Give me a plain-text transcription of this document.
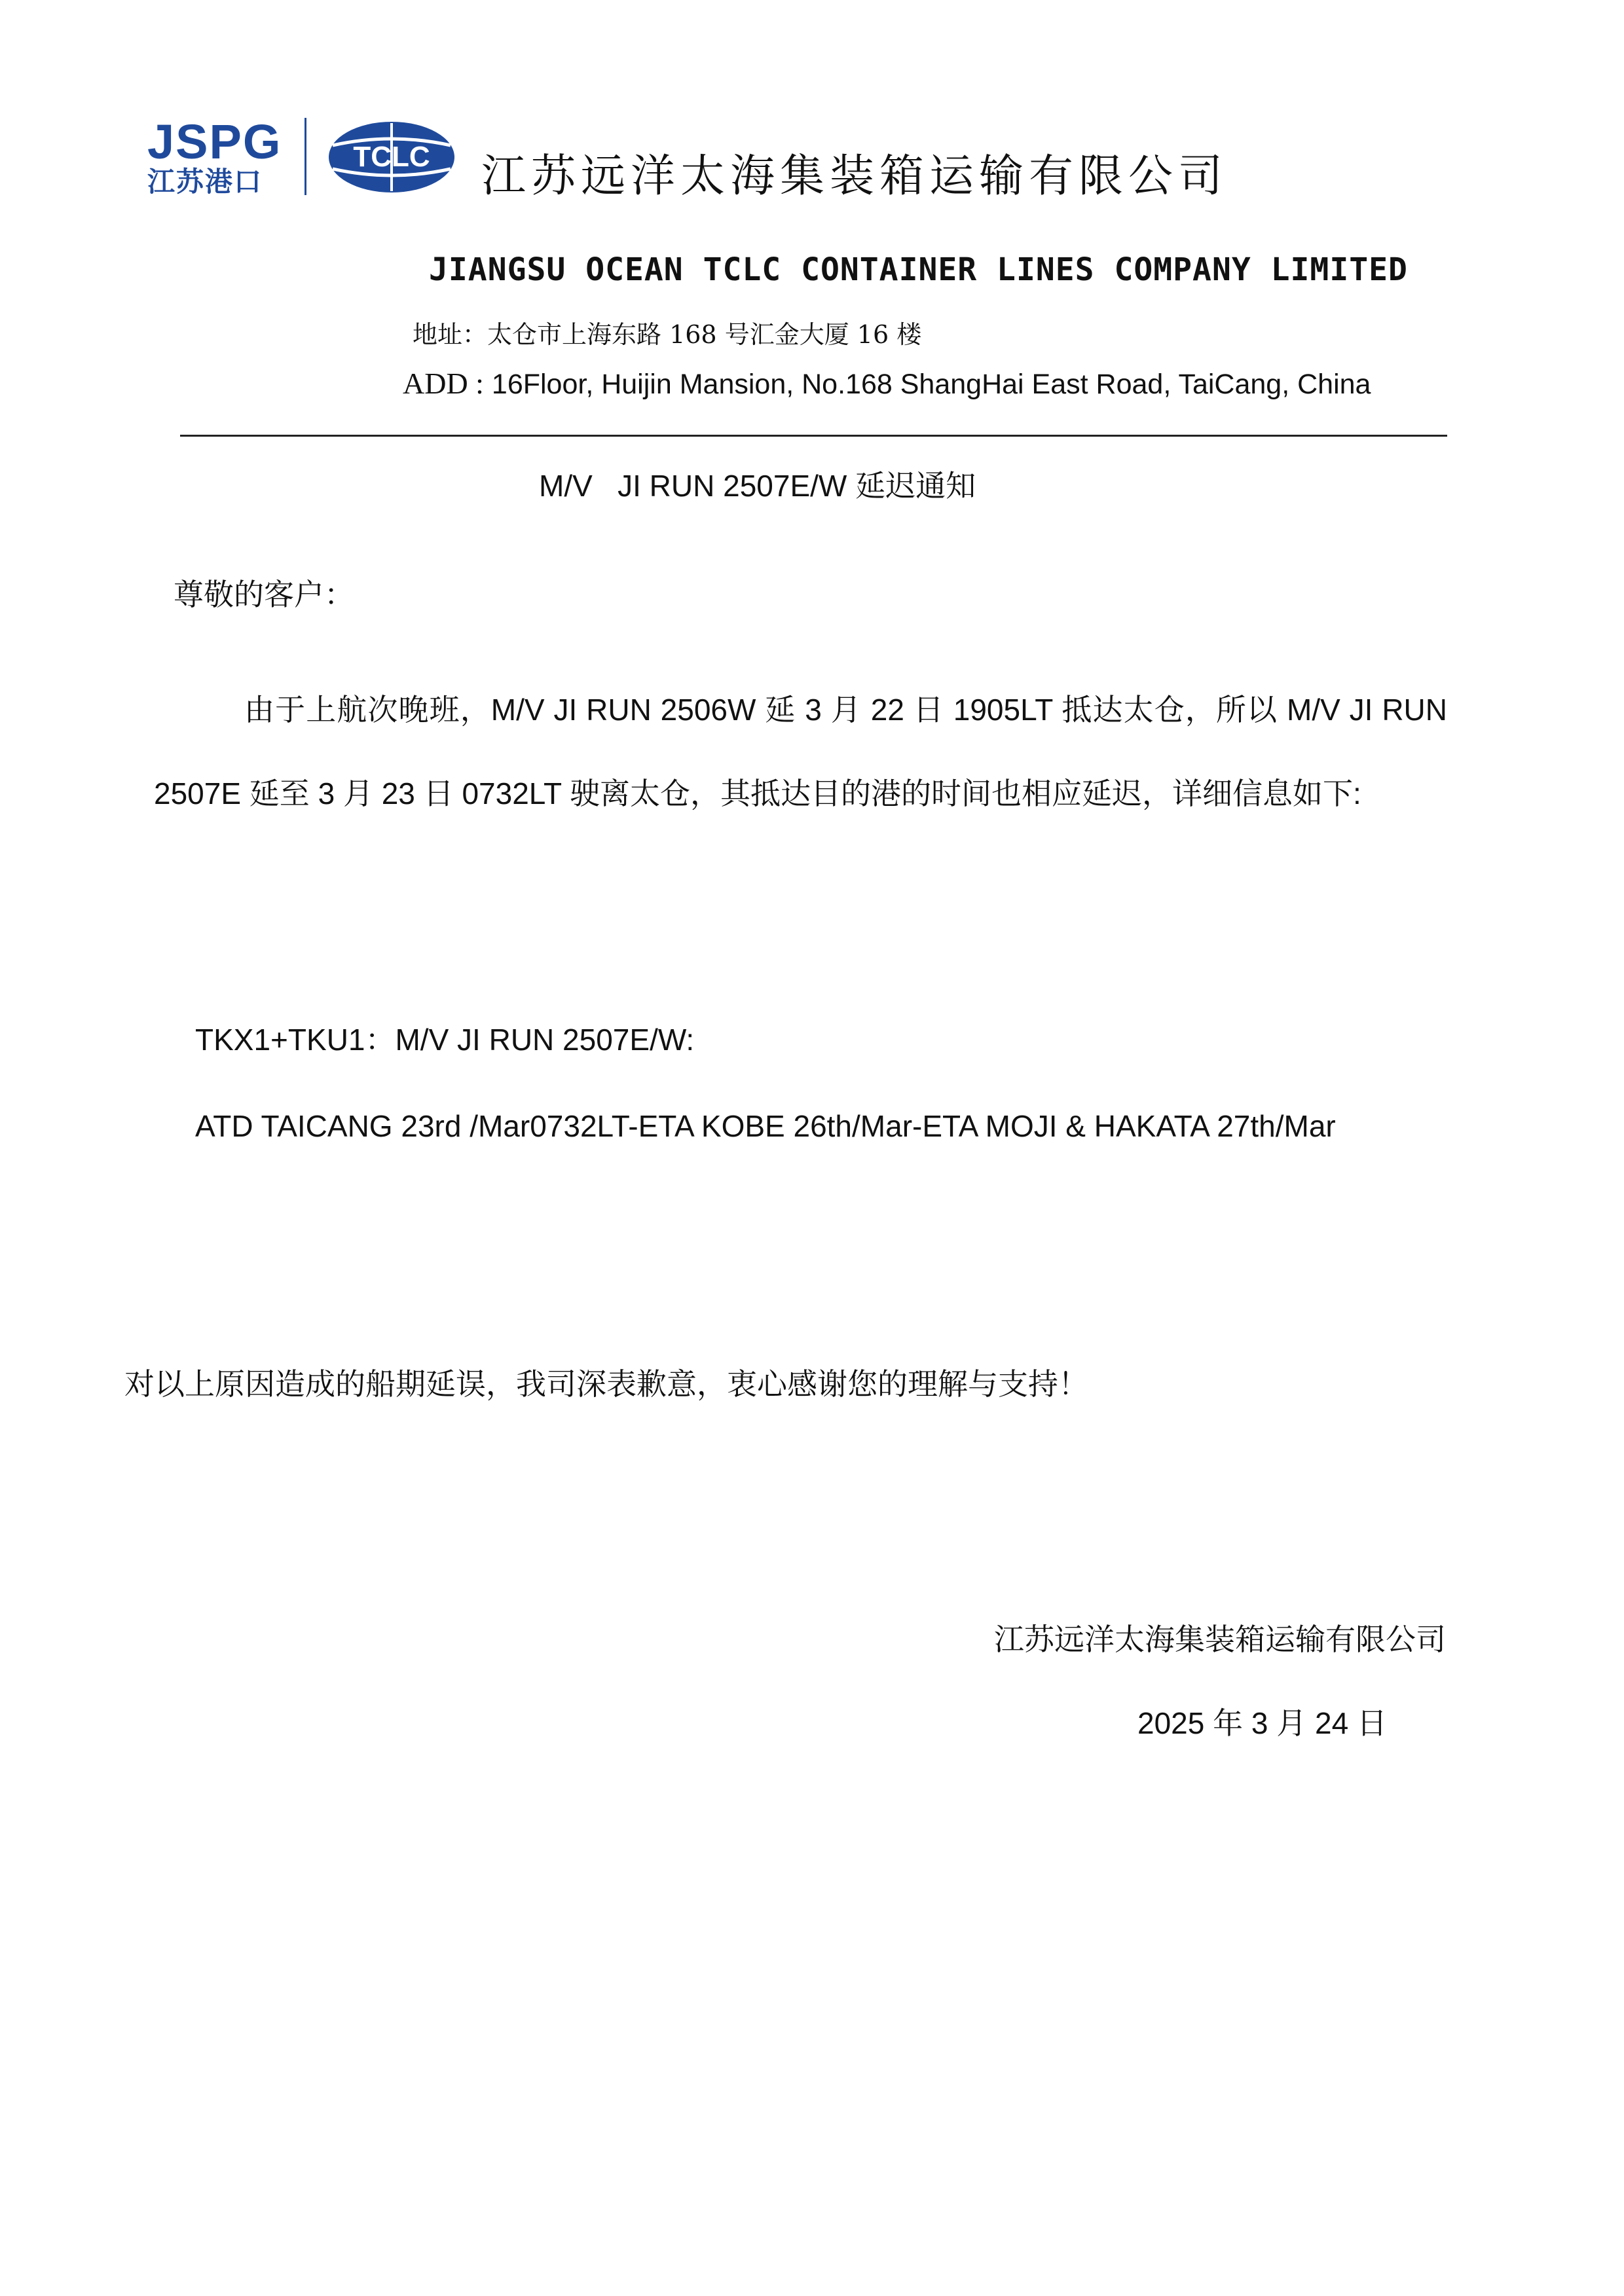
JSPG
江苏港口
TCLC 江苏远洋太海集装箱运输有限公司
JIANGSU OCEAN TCLC CONTAINER LINES COMPANY LIMITED
地址：太仓市上海东路 168 号汇金大厦 16 楼
ADD : 16Floor, Huijin Mansion, No.168 ShangHai East Road, TaiCang, China
M/V   JI RUN 2507E/W 延迟通知
尊敬的客户：
由于上航次晚班，M/V JI RUN 2506W 延 3 月 22 日 1905LT 抵达太仓，所以 M/V JI RUN 2507E 延至 3 月 23 日 0732LT 驶离太仓，其抵达目的港的时间也相应延迟，详细信息如下:
TKX1+TKU1：M/V JI RUN 2507E/W:
ATD TAICANG 23rd /Mar0732LT-ETA KOBE 26th/Mar-ETA MOJI & HAKATA 27th/Mar
对以上原因造成的船期延误，我司深表歉意，衷心感谢您的理解与支持！
江苏远洋太海集装箱运输有限公司
2025 年 3 月 24 日
